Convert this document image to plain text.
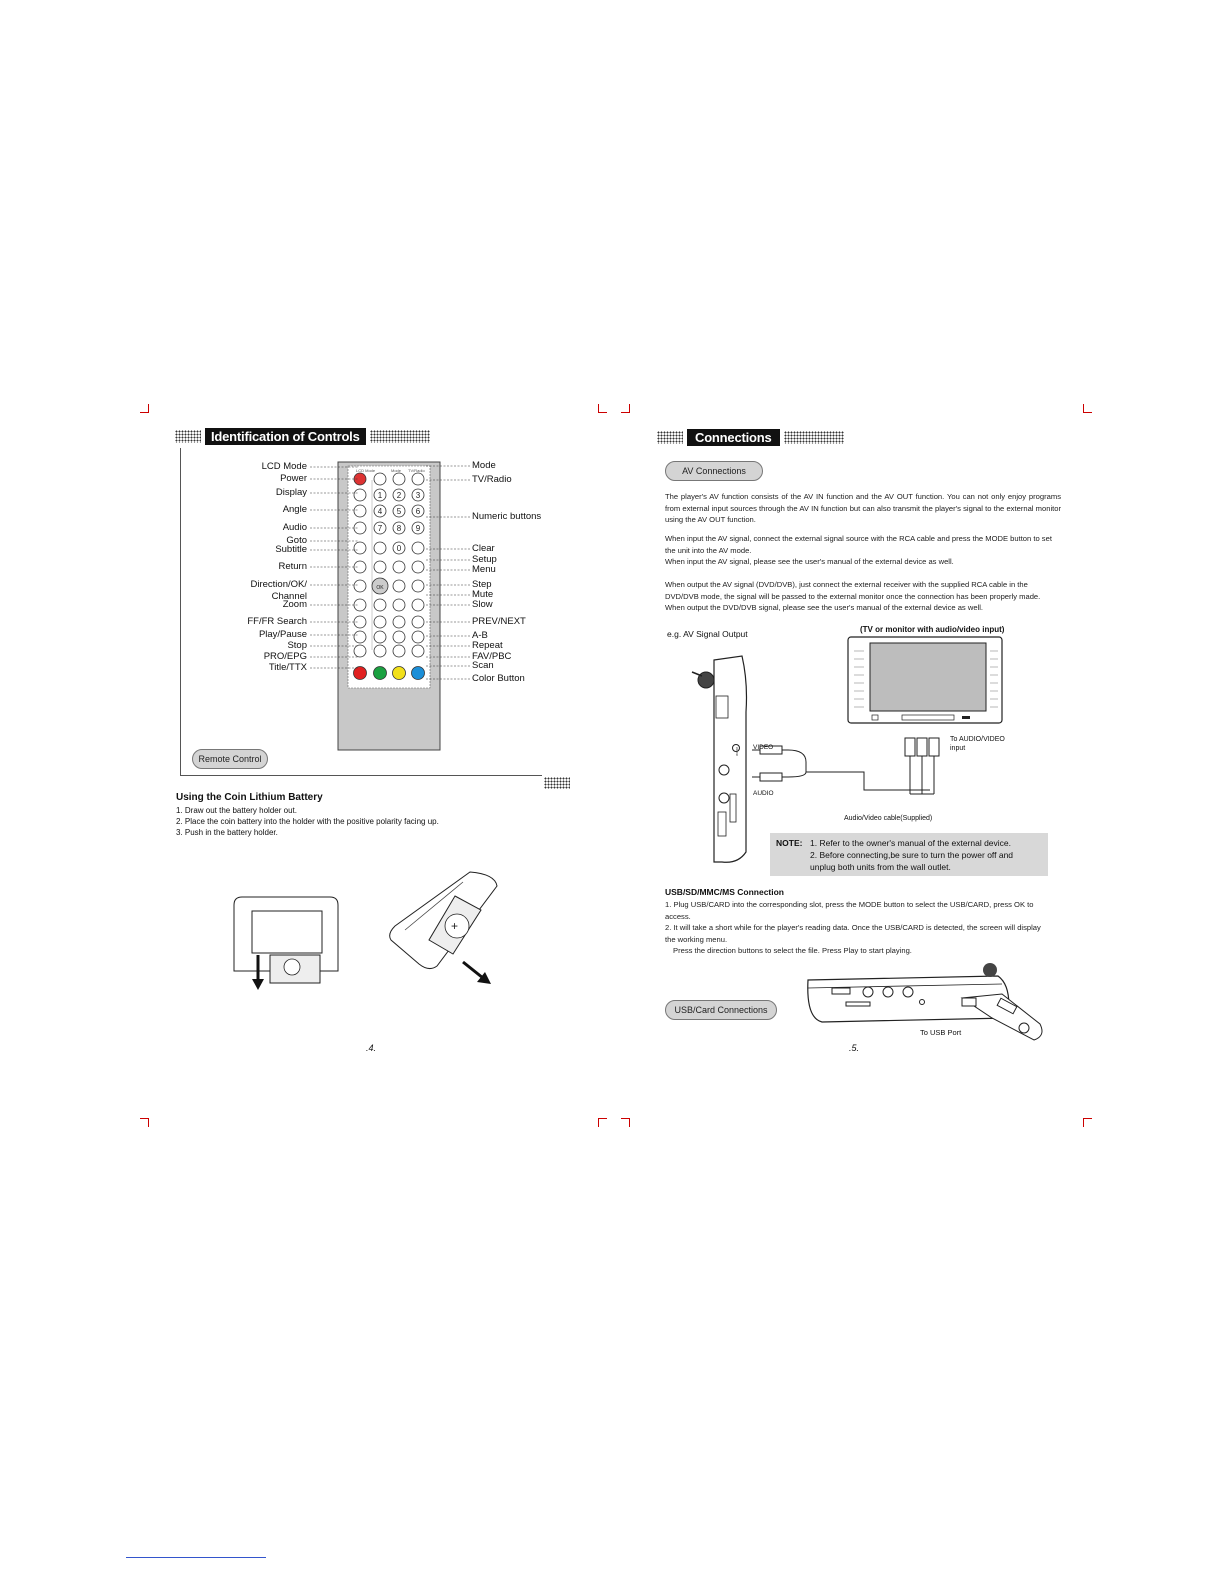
Identification of Controls
LCD Mode	Mode TV/Radio
1 2 3
4 5 6
7 8 9
0
OK
LCD Mode
Power
Display
Angle
Audio
Goto
Subtitle
Return
Direction/OK/
Channel
Zoom
FF/FR Search
Play/Pause
Stop
PRO/EPG
Title/TTX
Mode
TV/Radio
Numeric buttons
Clear
Setup
Menu
Step
Mute
Slow
PREV/NEXT
A-B
Repeat
FAV/PBC
Scan
Color Button
Remote Control
Using the Coin Lithium Battery
1. Draw out the battery holder out.
2. Place the coin battery into the holder with the positive polarity facing up.
3. Push in the battery holder.
+
.4.
Connections
AV Connections
The player's AV function consists of the AV IN function and the AV OUT function. You can not only enjoy programs from external input sources through the AV IN function but can also transmit the player's signal to the external monitor using the AV OUT function.
When input the AV signal, connect the external signal source with the RCA cable and press the MODE button to set the unit into the AV mode.
When input the AV signal, please see the user's manual of the external device as well.
When output the AV signal (DVD/DVB), just connect the external receiver with the supplied RCA cable in the DVD/DVB mode, the signal will be passed to the external monitor once the connection has been properly made.
When output the DVD/DVB signal, please see the user's manual of the external device as well.
e.g. AV Signal Output	(TV or monitor with audio/video input)
oooo VIDEO
AUDIO
To AUDIO/VIDEO input
Audio/Video cable(Supplied)
NOTE: 1. Refer to the owner's manual of the external device.
2. Before connecting,be sure to turn the power off and unplug both units from the wall outlet.
USB/SD/MMC/MS Connection
1. Plug USB/CARD into the corresponding slot, press the MODE button to select the USB/CARD, press OK to access.
2. It will take a short while for the player's reading data. Once the USB/CARD is detected, the screen will display the working menu.
Press the direction buttons to select the file. Press Play to start playing.
USB/Card Connections
To USB Port
.5.
